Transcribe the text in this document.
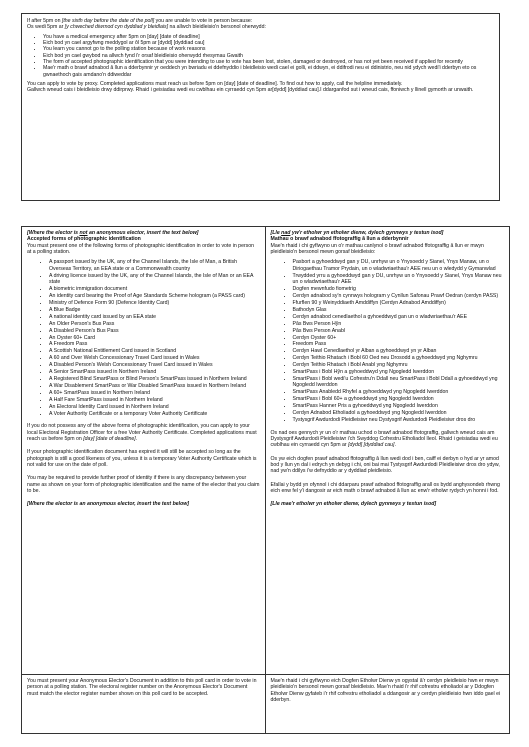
If after 5pm on [the sixth day before the date of the poll] you are unable to vote in person because:

Os wedi 5pm ar [y chweched diwrnod cyn dyddiad y bleidlais] na allwch bleidleisio'n bersonol oherwydd:

• You have a medical emergency after 5pm on [day] [date of deadline]
• Eich bod yn cael argyfwng meddygol ar ôl 5pm ar [dydd] [dyddiad cau]
• You learn you cannot go to the polling station because of work reasons
• Eich bod yn cael gwybod na allwch fynd i'r orsaf bleidleisio oherwydd rhesymau Gwaith
• The form of accepted photographic identification that you were intending to use to vote has been lost, stolen, damaged or destroyed, or has not yet been received if applied for recently
• Mae'r math o brawf adnabod â llun a dderbynnir yr oeddech yn bwriadu ei ddefnyddio i bleidleisio wedi cael ei golli, ei ddwyn, ei ddifrodi neu ei ddinistrio, neu nid ydych wedi'i dderbyn eto os gwnaethoch gais amdano'n ddiweddar

You can apply to vote by proxy. Completed applications must reach us before 5pm on [day] [date of deadline]. To find out how to apply, call the helpline immediately.

Gallwch wneud cais i bleidleisio drwy ddirprwy. Rhaid i geisiadau wedi eu cwblhau ein cyrraedd cyn 5pm ar[dydd] [dyddiad cau].I ddarganfod sut i wneud cais, ffoniwch y llinell gymorth ar unwaith.

[Where the elector is not an anonymous elector, insert the text below]
Accepted forms of photographic identification
You must present one of the following forms of photographic identification in order to vote in person at a polling station.
• A passport issued by the UK, any of the Channel Islands, the Isle of Man, a British Overseas Territory, an EEA state or a Commonwealth country
• A driving licence issued by the UK, any of the Channel Islands, the Isle of Man or an EEA state
• A biometric immigration document
• An identity card bearing the Proof of Age Standards Scheme hologram (a PASS card)
• Ministry of Defence Form 90 (Defence Identity Card)
• A Blue Badge
• A national identity card issued by an EEA state
• An Older Person's Bus Pass
• A Disabled Person's Bus Pass
• An Oyster 60+ Card
• A Freedom Pass
• A Scottish National Entitlement Card issued in Scotland
• A 60 and Over Welsh Concessionary Travel Card issued in Wales
• A Disabled Person's Welsh Concessionary Travel Card issued in Wales
• A Senior SmartPass issued in Northern Ireland
• A Registered Blind SmartPass or Blind Person's SmartPass issued in Northern Ireland
• A War Disablement SmartPass or War Disabled SmartPass issued in Northern Ireland
• A 60+ SmartPass issued in Northern Ireland
• A Half Fare SmartPass issued in Northern Ireland
• An Electoral Identity Card issued in Northern Ireland
• A Voter Authority Certificate or a temporary Voter Authority Certificate

If you do not possess any of the above forms of photographic identification, you can apply to your local Electoral Registration Officer for a free Voter Authority Certificate. Completed applications must reach us before 5pm on [day] [date of deadline].

If your photographic identification document has expired it will still be accepted so long as the photograph is still a good likeness of you, unless it is a temporary Voter Authority Certificate which is not valid for use on the date of poll.

You may be required to provide further proof of identity if there is any discrepancy between your name as shown on your form of photographic identification and the name of the elector that you claim to be.

[Where the elector is an anonymous elector, insert the text below]
[Lle nad yw'r etholwr yn etholwr dienw, dylech gynnwys y testun isod]
Mathau o brawf adnabod ffotograffig â llun a dderbynnir
Mae'n rhaid i chi gyflwyno un o'r mathau canlynol o brawf adnabod ffotograffig â llun er mwyn pleidleisio'n bersonol mewn gorsaf bleidleisio:
• Pasbort a gyhoeddwyd gan y DU, unrhyw un o Ynysoedd y Sianel, Ynys Manaw, un o Diriogaethau Tramor Prydain, un o wladwriaethau'r AEE neu un o wledydd y Gymanwlad
• Trwydded yrru a gyhoeddwyd gan y DU, unrhyw un o Ynysoedd y Sianel, Ynys Manaw neu un o wladwriaethau'r AEE
• Dogfen mewnfudo fiometrig
• Cerdyn adnabod sy'n cynnwys hologram y Cynllun Safonau Prawf Oedran (cerdyn PASS)
• Ffurflen 90 y Weinyddiaeth Amddiffyn (Cerdyn Adnabod Amddiffyn)
• Bathodyn Glas
• Cerdyn adnabod cenedlaethol a gyhoeddwyd gan un o wladwriaethau'r AEE
• Pâs Bws Person Hŷn
• Pâs Bws Person Anabl
• Cerdyn Oyster 60+
• Freedom Pass
• Cerdyn Hawl Cenedlaethol yr Alban a gyhoeddwyd yn yr Alban
• Cerdyn Teithio Rhatach i Bobl 60 Oed neu Drosodd a gyhoeddwyd yng Nghymru
• Cerdyn Teithio Rhatach i Bobl Anabl yng Nghymru
• SmartPass i Bobl Hŷn a gyhoeddwyd yng Ngogledd Iwerddon
• SmartPass i Bobl wedi'u Cofrestru'n Ddall neu SmartPass i Bobl Ddall a gyhoeddwyd yng Ngogledd Iwerddon
• SmartPass Anabledd Rhyfel a gyhoeddwyd yng Ngogledd Iwerddon
• SmartPass i Bobl 60+ a gyhoeddwyd yng Ngogledd Iwerddon
• SmartPass Hanner Pris a gyhoeddwyd yng Ngogledd Iwerddon
• Cerdyn Adnabod Etholiadol a gyhoeddwyd yng Ngogledd Iwerddon
• Tystysgrif Awdurdodi Pleidleisiwr neu Dystysgrif Awdurdodi Pleidleisiwr dros dro

Os nad oes gennych yr un o'r mathau uchod o brawf adnabod ffotograffig, gallwch wneud cais am Dystysgrif Awdurdodi Pleidleisiwr i'ch Swyddog Cofrestru Etholiadol lleol. Rhaid i geisiadau wedi eu cwblhau ein cyrraedd cyn 5pm ar [dydd] [dyddiad cau].

Os yw eich dogfen prawf adnabod ffotograffig â llun wedi dod i ben, caiff ei derbyn o hyd ar yr amod bod y llun yn dal i edrych yn debyg i chi, oni bai mai Tystysgrif Awdurdodi Pleidleisiwr dros dro ydyw, nad yw'n ddilys i'w defnyddio ar y dyddiad pleidleisio.

Efallai y bydd yn ofynnol i chi ddarparu prawf adnabod ffotograffig arall os bydd anghysondeb rhwng eich enw fel y'i dangosir ar eich math o brawf adnabod â llun ac enw'r etholwr rydych yn honni i fod.

[Lle mae'r etholwr yn etholwr dienw, dylech gynnwys y testun isod]

You must present your Anonymous Elector's Document in addition to this poll card in order to vote in person at a polling station. The electoral register number on the Anonymous Elector's Document must match the elector register number shown on this poll card to be accepted.

Mae'n rhaid i chi gyflwyno eich Dogfen Etholwr Dienw yn ogystal â'r cerdyn pleidleisio hwn er mwyn pleidleisio'n bersonol mewn gorsaf bleidleisio. Mae'n rhaid i'r rhif cofrestru etholiadol ar y Ddogfen Etholwr Dienw gyfateb i'r rhif cofrestru etholiadol a ddangosir ar y cerdyn pleidleisio hwn iddo gael ei dderbyn.
